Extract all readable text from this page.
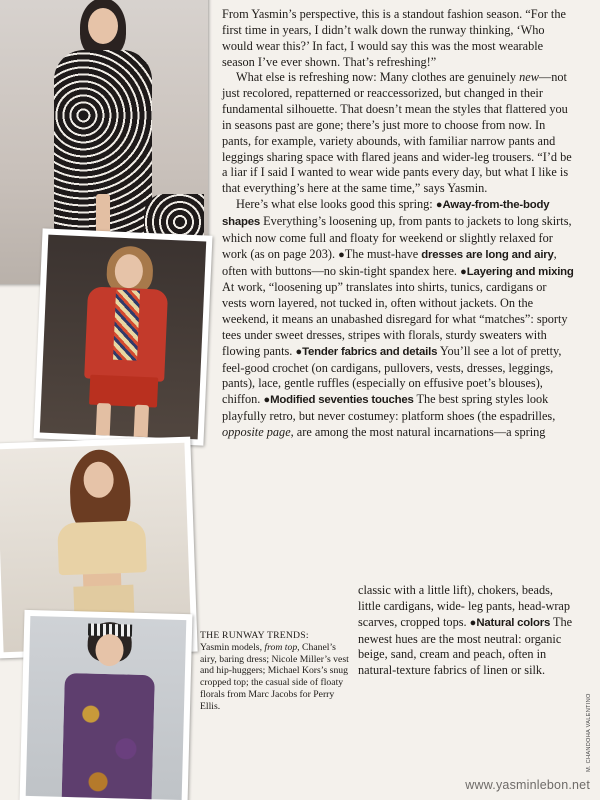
From Yasmin’s perspective, this is a standout fashion season. “For the first time in years, I didn’t walk down the runway thinking, ‘Who would wear this?’ In fact, I would say this was the most wearable season I’ve ever shown. That’s refreshing!”

What else is refreshing now: Many clothes are genuinely new—not just recolored, repatterned or reaccessorized, but changed in their fundamental silhouette. That doesn’t mean the styles that flattered you in seasons past are gone; there’s just more to choose from now. In pants, for example, variety abounds, with familiar narrow pants and leggings sharing space with flared jeans and wider-leg trousers. “I’d be a liar if I said I wanted to wear wide pants every day, but what I like is that everything’s here at the same time,” says Yasmin.

Here’s what else looks good this spring: ●Away-from-the-body shapes Everything’s loosening up, from pants to jackets to long skirts, which now come full and floaty for weekend or slightly relaxed for work (as on page 203). ●The must-have dresses are long and airy, often with buttons—no skin-tight spandex here. ●Layering and mixing At work, “loosening up” translates into shirts, tunics, cardigans or vests worn layered, not tucked in, often without jackets. On the weekend, it means an unabashed disregard for what “matches”: sporty tees under sweet dresses, stripes with florals, sturdy sweaters with flowing pants. ●Tender fabrics and details You’ll see a lot of pretty, feel-good crochet (on cardigans, pullovers, vests, dresses, leggings, pants), lace, gentle ruffles (especially on effusive poet’s blouses), chiffon. ●Modified seventies touches The best spring styles look playfully retro, but never costumey: platform shoes (the espadrilles, opposite page, are among the most natural incarnations—a spring

classic with a little lift), chokers, beads, little cardigans, wide- leg pants, head-wrap scarves, cropped tops. ●Natural colors The newest hues are the most neutral: organic beige, sand, cream and peach, often in natural-texture fabrics of linen or silk.
THE RUNWAY TRENDS:
Yasmin models, from top, Chanel’s airy, baring dress; Nicole Miller’s vest and hip-huggers; Michael Kors’s snug cropped top; the casual side of floaty florals from Marc Jacobs for Perry Ellis.	M. CHANDOHA VALENTINO
www.yasminlebon.net
